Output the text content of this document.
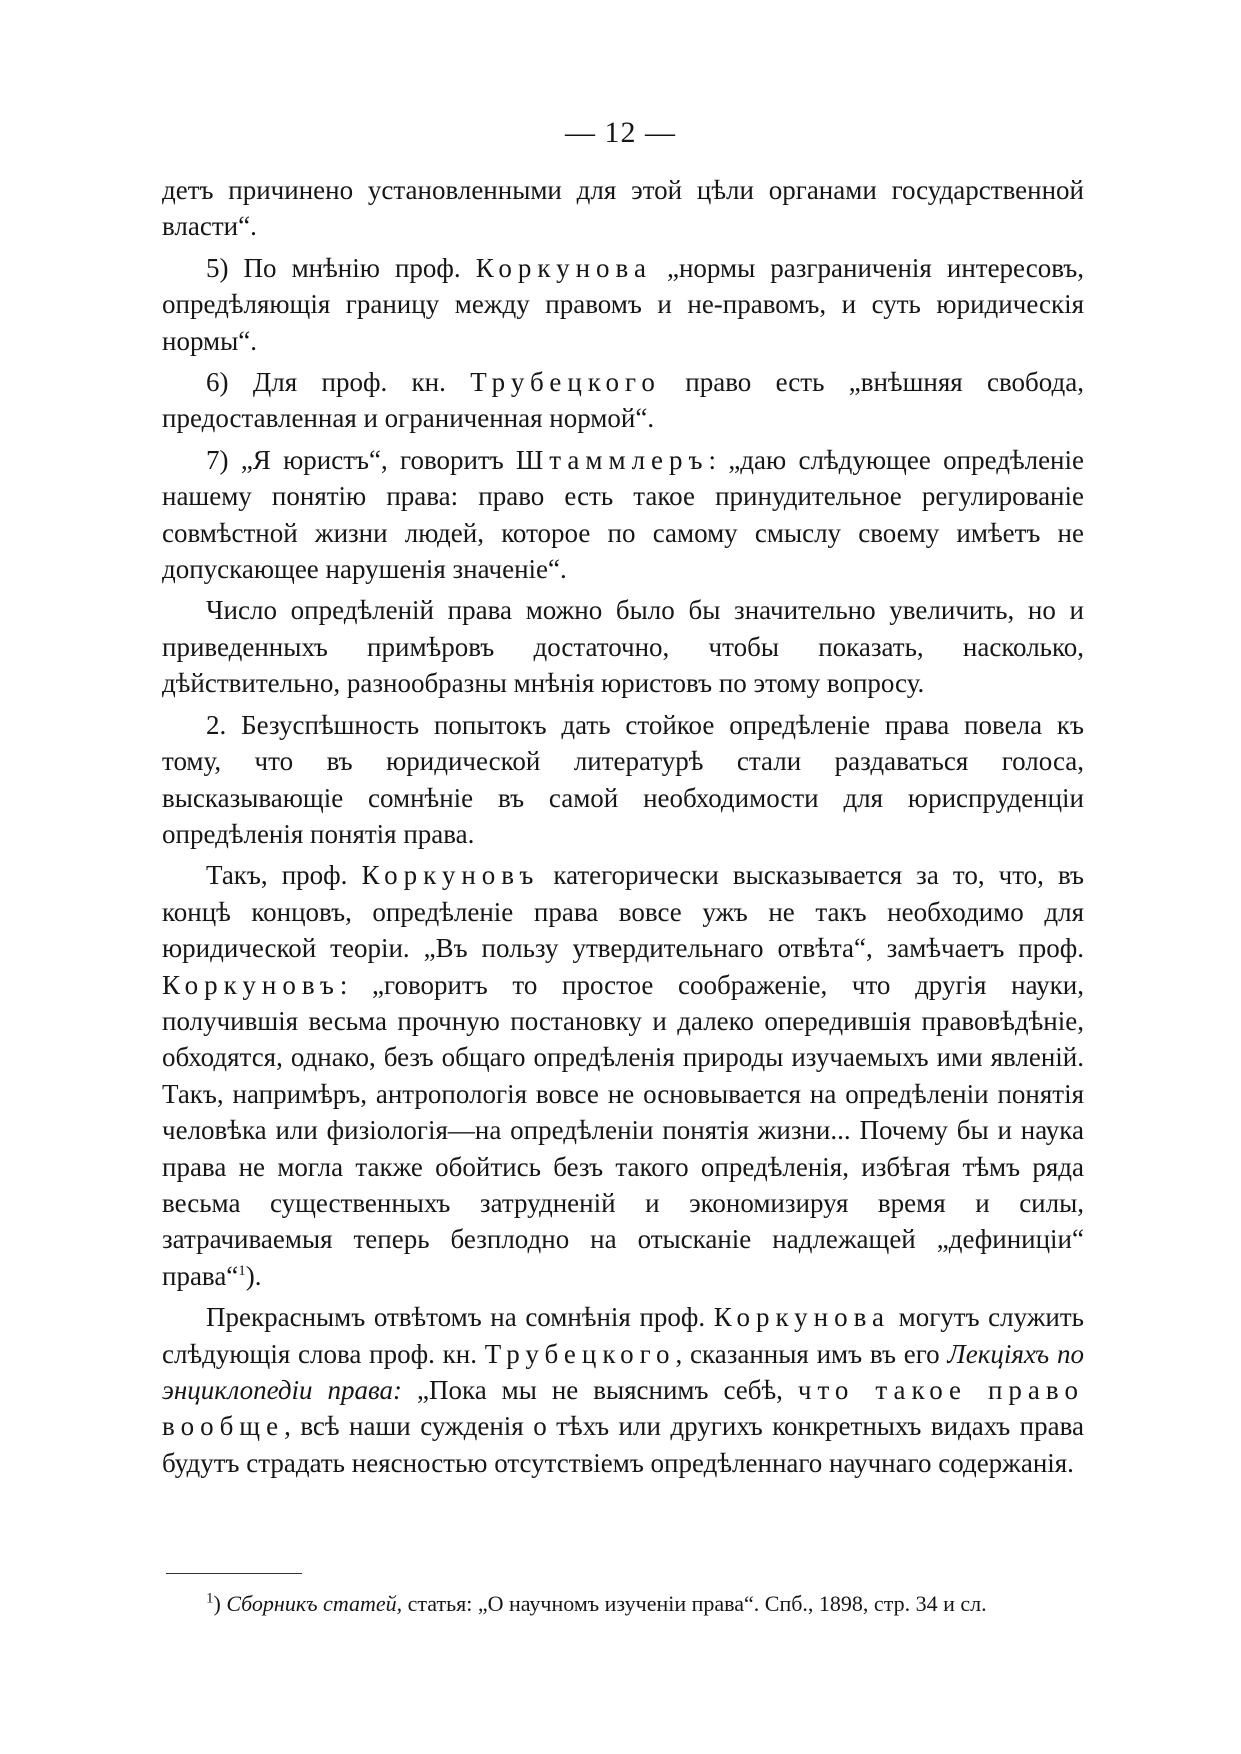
— 12 —

детъ причинено установленными для этой цѣли органами государственной власти“.

5) По мнѣнію проф. Коркунова „нормы разграниченія интересовъ, опредѣляющія границу между правомъ и не-правомъ, и суть юридическія нормы“.

6) Для проф. кн. Трубецкого право есть „внѣшняя свобода, предоставленная и ограниченная нормой“.

7) „Я юристъ“, говоритъ Штаммлеръ: „даю слѣдующее опредѣленіе нашему понятію права: право есть такое принудительное регулированіе совмѣстной жизни людей, которое по самому смыслу своему имѣетъ не допускающее нарушенія значеніе“.

Число опредѣленій права можно было бы значительно увеличить, но и приведенныхъ примѣровъ достаточно, чтобы показать, насколько, дѣйствительно, разнообразны мнѣнія юристовъ по этому вопросу.

2. Безуспѣшность попытокъ дать стойкое опредѣленіе права повела къ тому, что въ юридической литературѣ стали раздаваться голоса, высказывающіе сомнѣніе въ самой необходимости для юриспруденціи опредѣленія понятія права.

Такъ, проф. Коркуновъ категорически высказывается за то, что, въ концѣ концовъ, опредѣленіе права вовсе ужъ не такъ необходимо для юридической теоріи. „Въ пользу утвердительнаго отвѣта“, замѣчаетъ проф. Коркуновъ: „говоритъ то простое соображеніе, что другія науки, получившія весьма прочную постановку и далеко опередившія правовѣдѣніе, обходятся, однако, безъ общаго опредѣленія природы изучаемыхъ ими явленій. Такъ, напримѣръ, антропологія вовсе не основывается на опредѣленіи понятія человѣка или физіологія—на опредѣленіи понятія жизни... Почему бы и наука права не могла также обойтись безъ такого опредѣленія, избѣгая тѣмъ ряда весьма существенныхъ затрудненій и экономизируя время и силы, затрачиваемыя теперь безплодно на отысканіе надлежащей „дефиниціи“ права“$^1$).

Прекраснымъ отвѣтомъ на сомнѣнія проф. Коркунова могутъ служить слѣдующія слова проф. кн. Трубецкого, сказанныя имъ въ его Лекціяхъ по энциклопедіи права: „Пока мы не выяснимъ себѣ, что такое право вообще, всѣ наши сужденія о тѣхъ или другихъ конкретныхъ видахъ права будутъ страдать неясностью отсутствіемъ опредѣленнаго научнаго содержанія.

$^1$) Сборникъ статей, статья: „О научномъ изученіи права“. Спб., 1898, стр. 34 и сл.
